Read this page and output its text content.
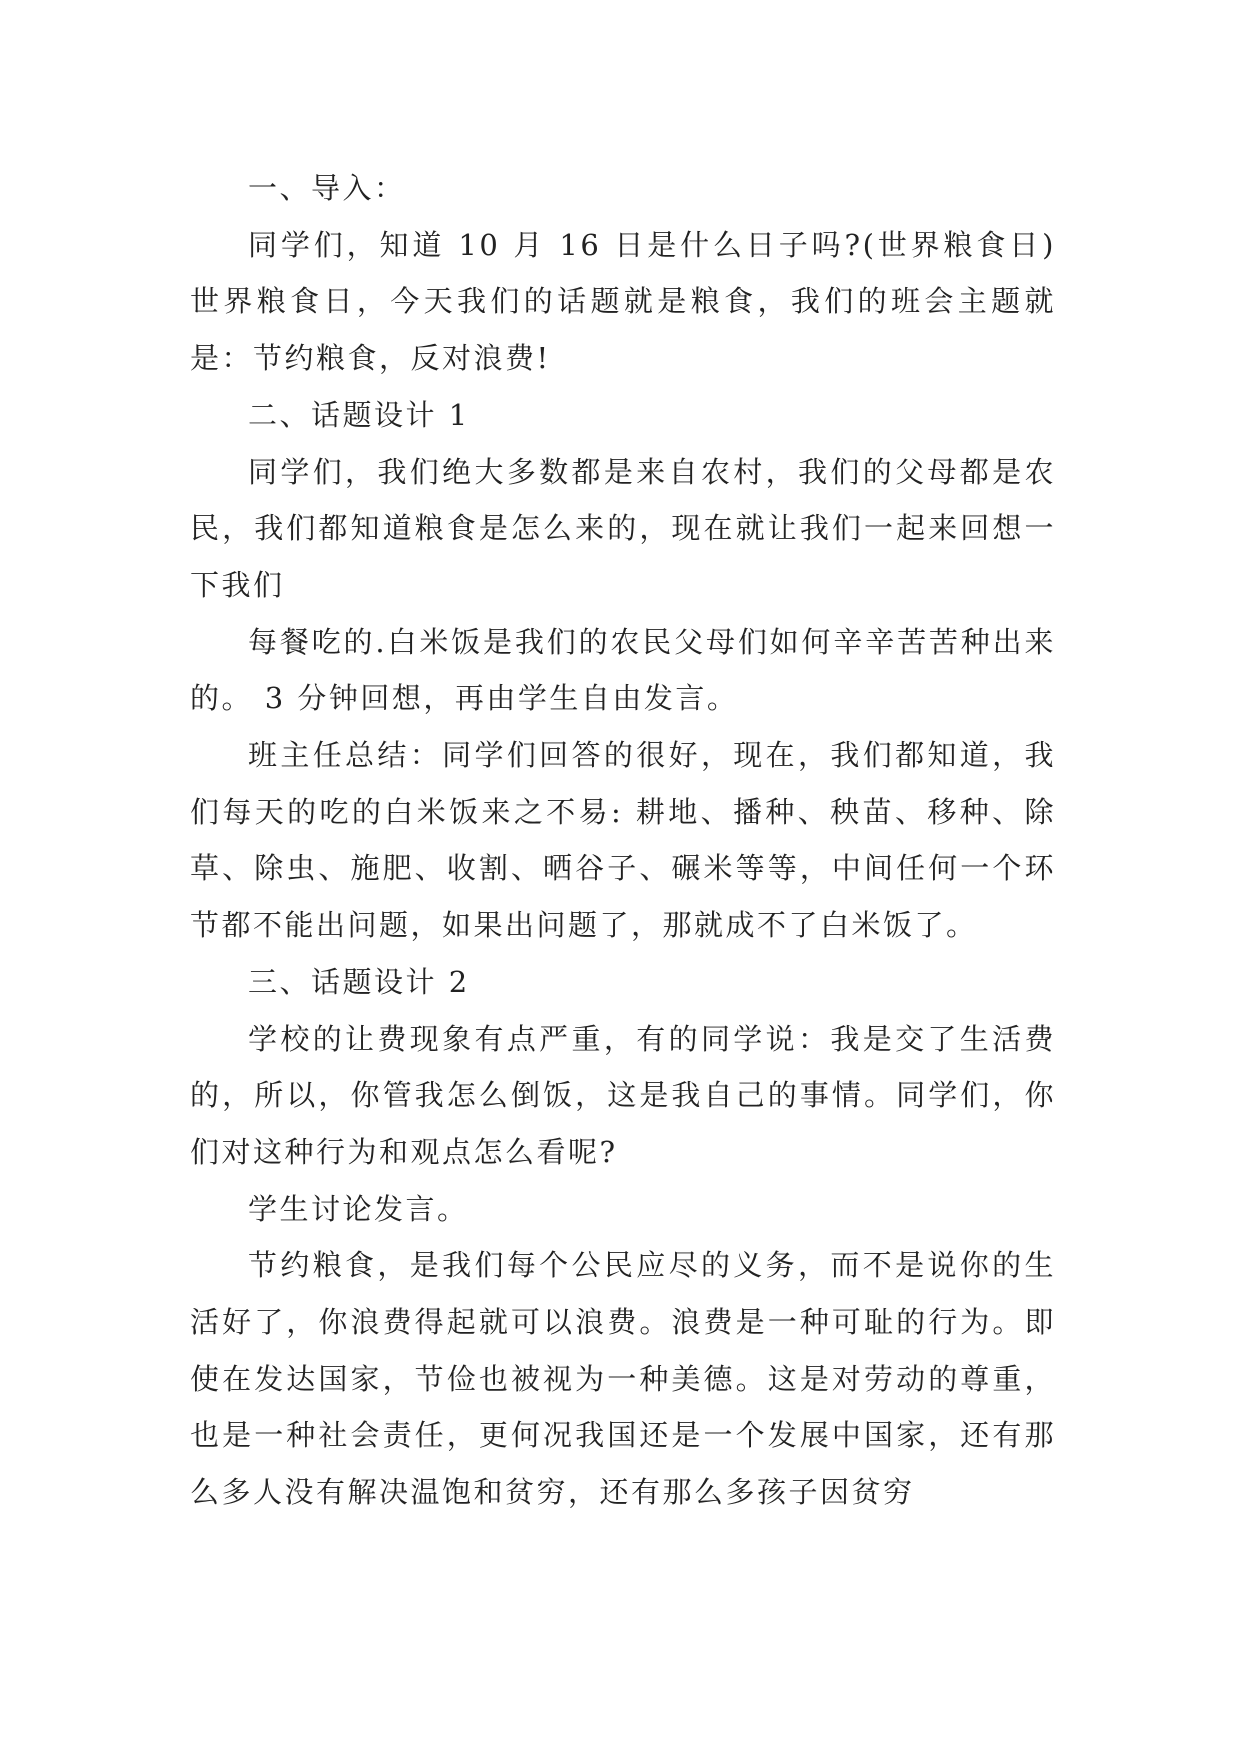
一、导入：

同学们，知道 10 月 16 日是什么日子吗?(世界粮食日) 世界粮食日，今天我们的话题就是粮食，我们的班会主题就是：节约粮食，反对浪费!

二、话题设计 1

同学们，我们绝大多数都是来自农村，我们的父母都是农民，我们都知道粮食是怎么来的，现在就让我们一起来回想一下我们

每餐吃的.白米饭是我们的农民父母们如何辛辛苦苦种出来的。 3 分钟回想，再由学生自由发言。

班主任总结：同学们回答的很好，现在，我们都知道，我们每天的吃的白米饭来之不易: 耕地、播种、秧苗、移种、除草、除虫、施肥、收割、晒谷子、碾米等等，中间任何一个环节都不能出问题，如果出问题了，那就成不了白米饭了。

三、话题设计 2

学校的让费现象有点严重，有的同学说：我是交了生活费的，所以，你管我怎么倒饭，这是我自己的事情。同学们，你们对这种行为和观点怎么看呢?

学生讨论发言。

节约粮食，是我们每个公民应尽的义务，而不是说你的生活好了，你浪费得起就可以浪费。浪费是一种可耻的行为。即使在发达国家，节俭也被视为一种美德。这是对劳动的尊重，也是一种社会责任，更何况我国还是一个发展中国家，还有那么多人没有解决温饱和贫穷，还有那么多孩子因贫穷
